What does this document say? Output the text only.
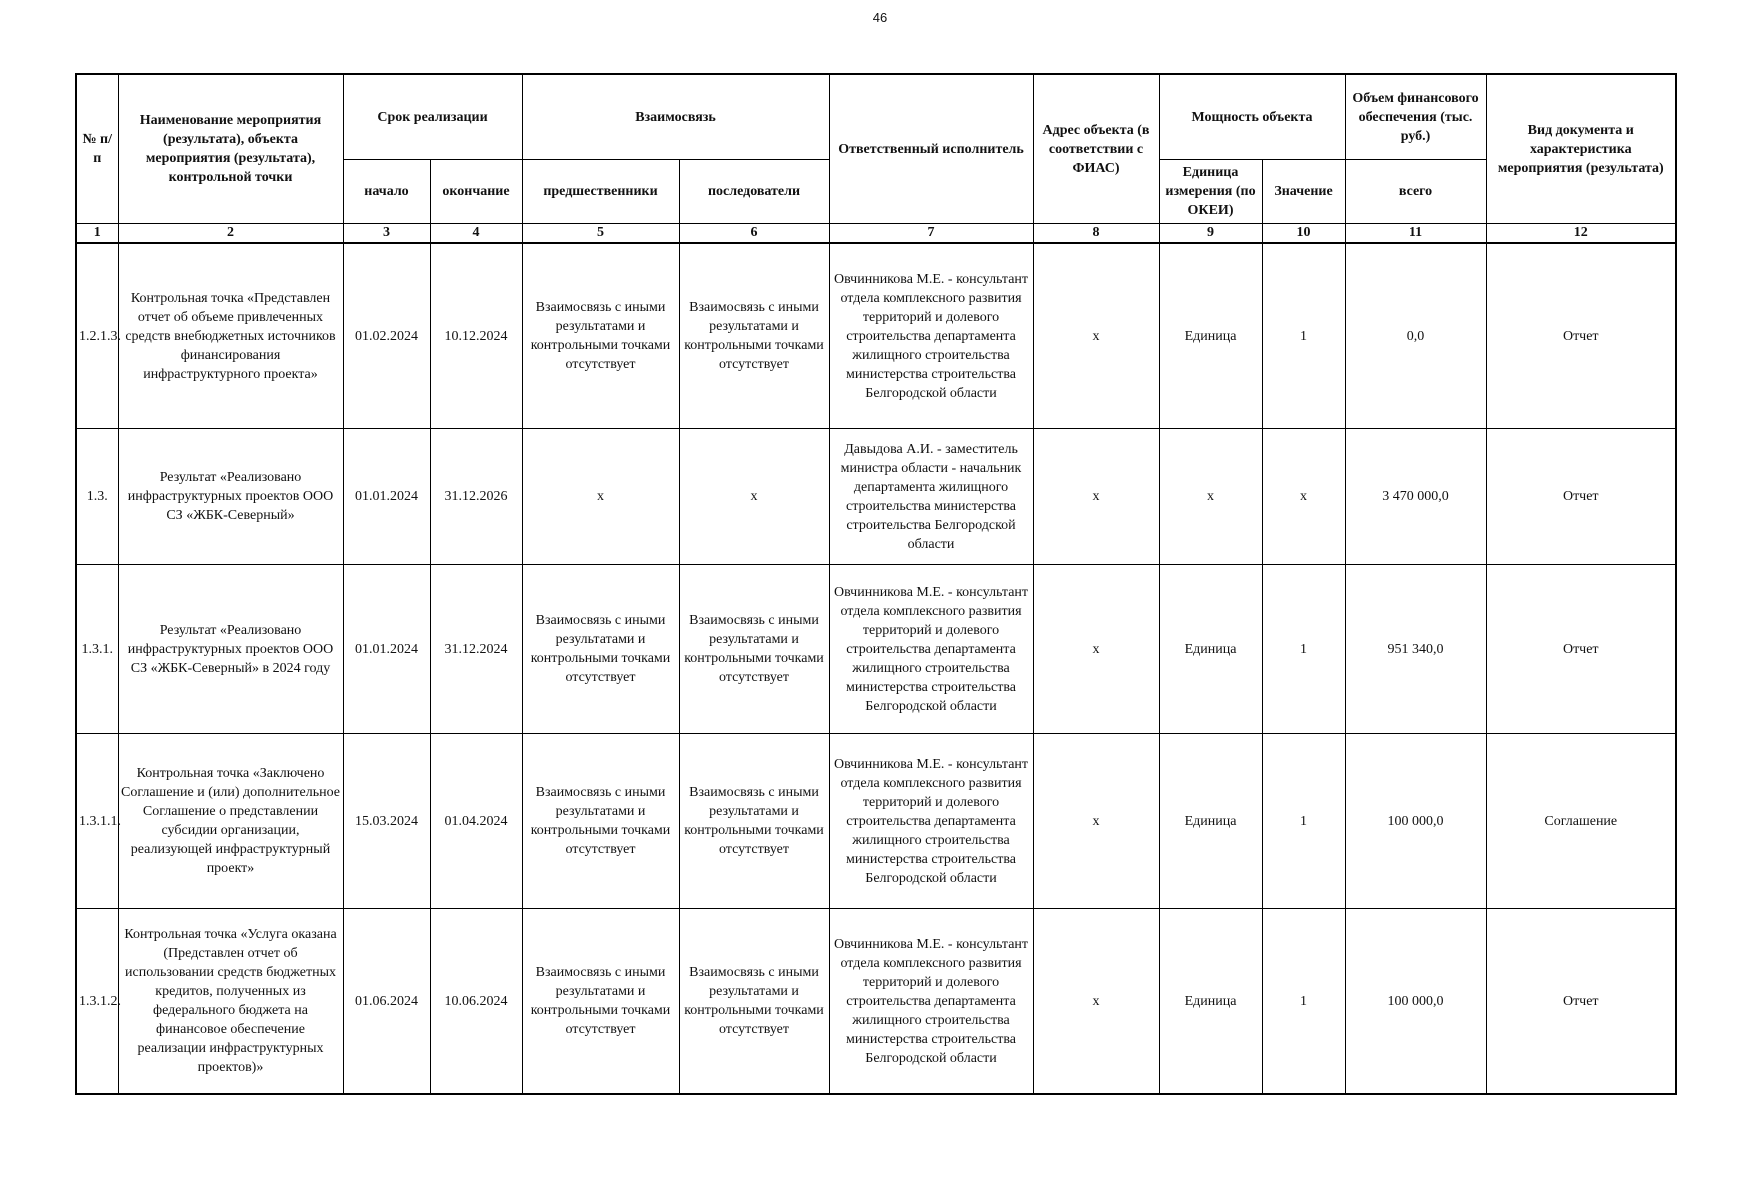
46
№ п/п	Наименование мероприятия (результата), объекта мероприятия (результата), контрольной точки	Срок реализации		Взаимосвязь		Ответственный исполнитель	Адрес объекта (в соответствии с ФИАС)	Мощность объекта		Объем финансового обеспечения (тыс. руб.)	Вид документа и характеристика мероприятия (результата)
		начало	окончание	предшественники	последователи			Единица измерения (по ОКЕИ)	Значение	всего	
1	2	3	4	5	6	7	8	9	10	11	12
1.2.1.3.	Контрольная точка «Представлен отчет об объеме привлеченных средств внебюджетных источников финансирования инфраструктурного проекта»	01.02.2024	10.12.2024	Взаимосвязь с иными результатами и контрольными точками отсутствует	Взаимосвязь с иными результатами и контрольными точками отсутствует	Овчинникова М.Е. - консультант отдела комплексного развития территорий и долевого строительства департамента жилищного строительства министерства строительства Белгородской области	x	Единица	1	0,0	Отчет
1.3.	Результат «Реализовано инфраструктурных проектов ООО СЗ «ЖБК-Северный»	01.01.2024	31.12.2026	x	x	Давыдова А.И. - заместитель министра области - начальник департамента жилищного строительства министерства строительства Белгородской области	x	x	x	3 470 000,0	Отчет
1.3.1.	Результат «Реализовано инфраструктурных проектов ООО СЗ «ЖБК-Северный» в 2024 году	01.01.2024	31.12.2024	Взаимосвязь с иными результатами и контрольными точками отсутствует	Взаимосвязь с иными результатами и контрольными точками отсутствует	Овчинникова М.Е. - консультант отдела комплексного развития территорий и долевого строительства департамента жилищного строительства министерства строительства Белгородской области	x	Единица	1	951 340,0	Отчет
1.3.1.1.	Контрольная точка «Заключено Соглашение и (или) дополнительное Соглашение о представлении субсидии организации, реализующей инфраструктурный проект»	15.03.2024	01.04.2024	Взаимосвязь с иными результатами и контрольными точками отсутствует	Взаимосвязь с иными результатами и контрольными точками отсутствует	Овчинникова М.Е. - консультант отдела комплексного развития территорий и долевого строительства департамента жилищного строительства министерства строительства Белгородской области	x	Единица	1	100 000,0	Соглашение
1.3.1.2.	Контрольная точка «Услуга оказана (Представлен отчет об использовании средств бюджетных кредитов, полученных из федерального бюджета на финансовое обеспечение реализации инфраструктурных проектов)»	01.06.2024	10.06.2024	Взаимосвязь с иными результатами и контрольными точками отсутствует	Взаимосвязь с иными результатами и контрольными точками отсутствует	Овчинникова М.Е. - консультант отдела комплексного развития территорий и долевого строительства департамента жилищного строительства министерства строительства Белгородской области	x	Единица	1	100 000,0	Отчет
